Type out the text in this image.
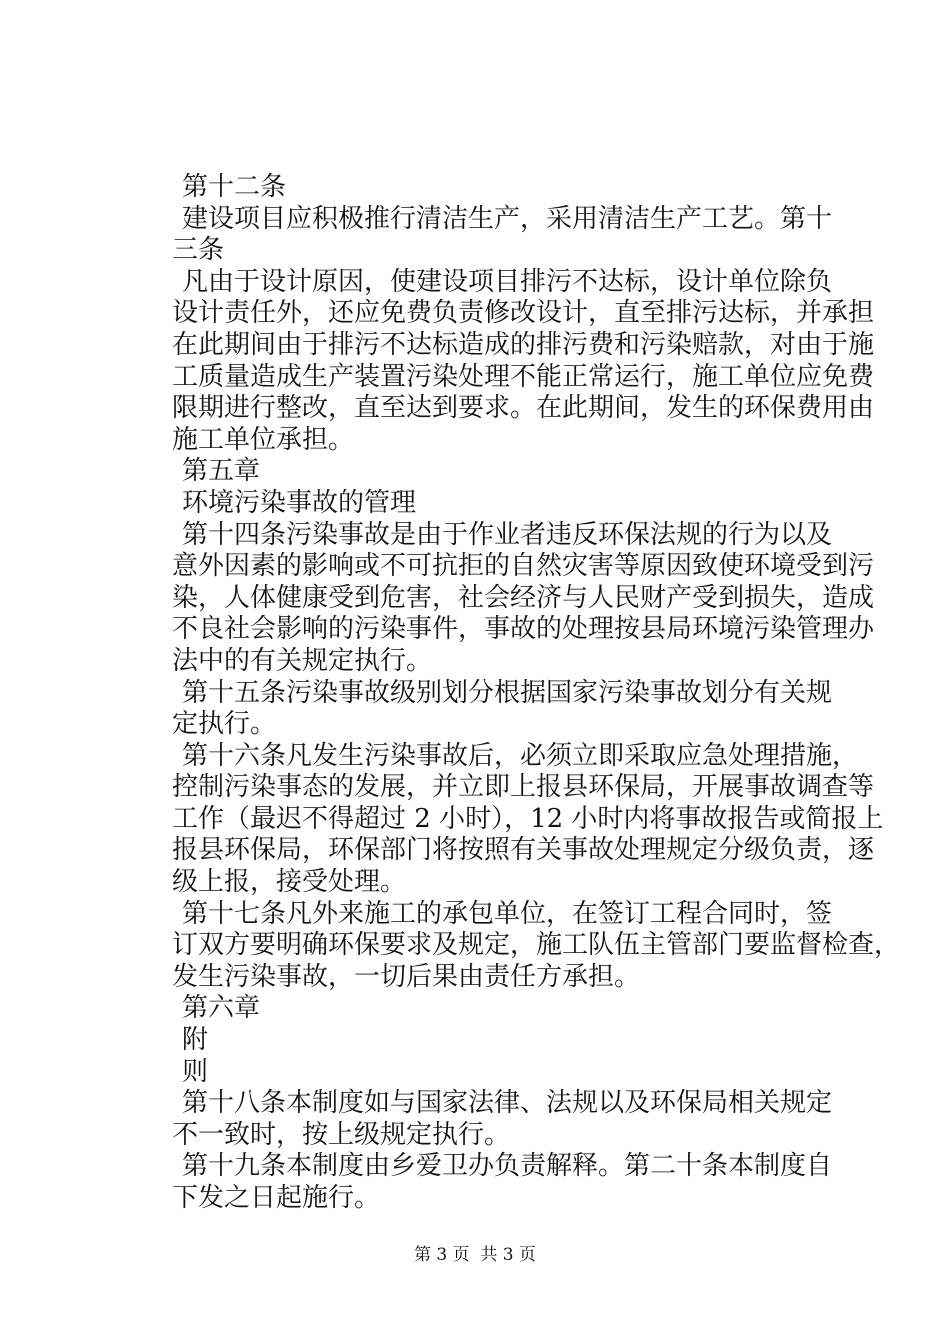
第十二条
建设项目应积极推行清洁生产，采用清洁生产工艺。第十
三条
凡由于设计原因，使建设项目排污不达标，设计单位除负
设计责任外，还应免费负责修改设计，直至排污达标，并承担
在此期间由于排污不达标造成的排污费和污染赔款，对由于施
工质量造成生产装置污染处理不能正常运行，施工单位应免费
限期进行整改，直至达到要求。在此期间，发生的环保费用由
施工单位承担。
第五章
环境污染事故的管理
第十四条污染事故是由于作业者违反环保法规的行为以及
意外因素的影响或不可抗拒的自然灾害等原因致使环境受到污
染，人体健康受到危害，社会经济与人民财产受到损失，造成
不良社会影响的污染事件，事故的处理按县局环境污染管理办
法中的有关规定执行。
第十五条污染事故级别划分根据国家污染事故划分有关规
定执行。
第十六条凡发生污染事故后，必须立即采取应急处理措施，
控制污染事态的发展，并立即上报县环保局，开展事故调查等
工作（最迟不得超过 2 小时），12 小时内将事故报告或简报上
报县环保局，环保部门将按照有关事故处理规定分级负责，逐
级上报，接受处理。
第十七条凡外来施工的承包单位，在签订工程合同时，签
订双方要明确环保要求及规定，施工队伍主管部门要监督检查，
发生污染事故，一切后果由责任方承担。
第六章
附
则
第十八条本制度如与国家法律、法规以及环保局相关规定
不一致时，按上级规定执行。
第十九条本制度由乡爱卫办负责解释。第二十条本制度自
下发之日起施行。
第 3 页  共 3 页
